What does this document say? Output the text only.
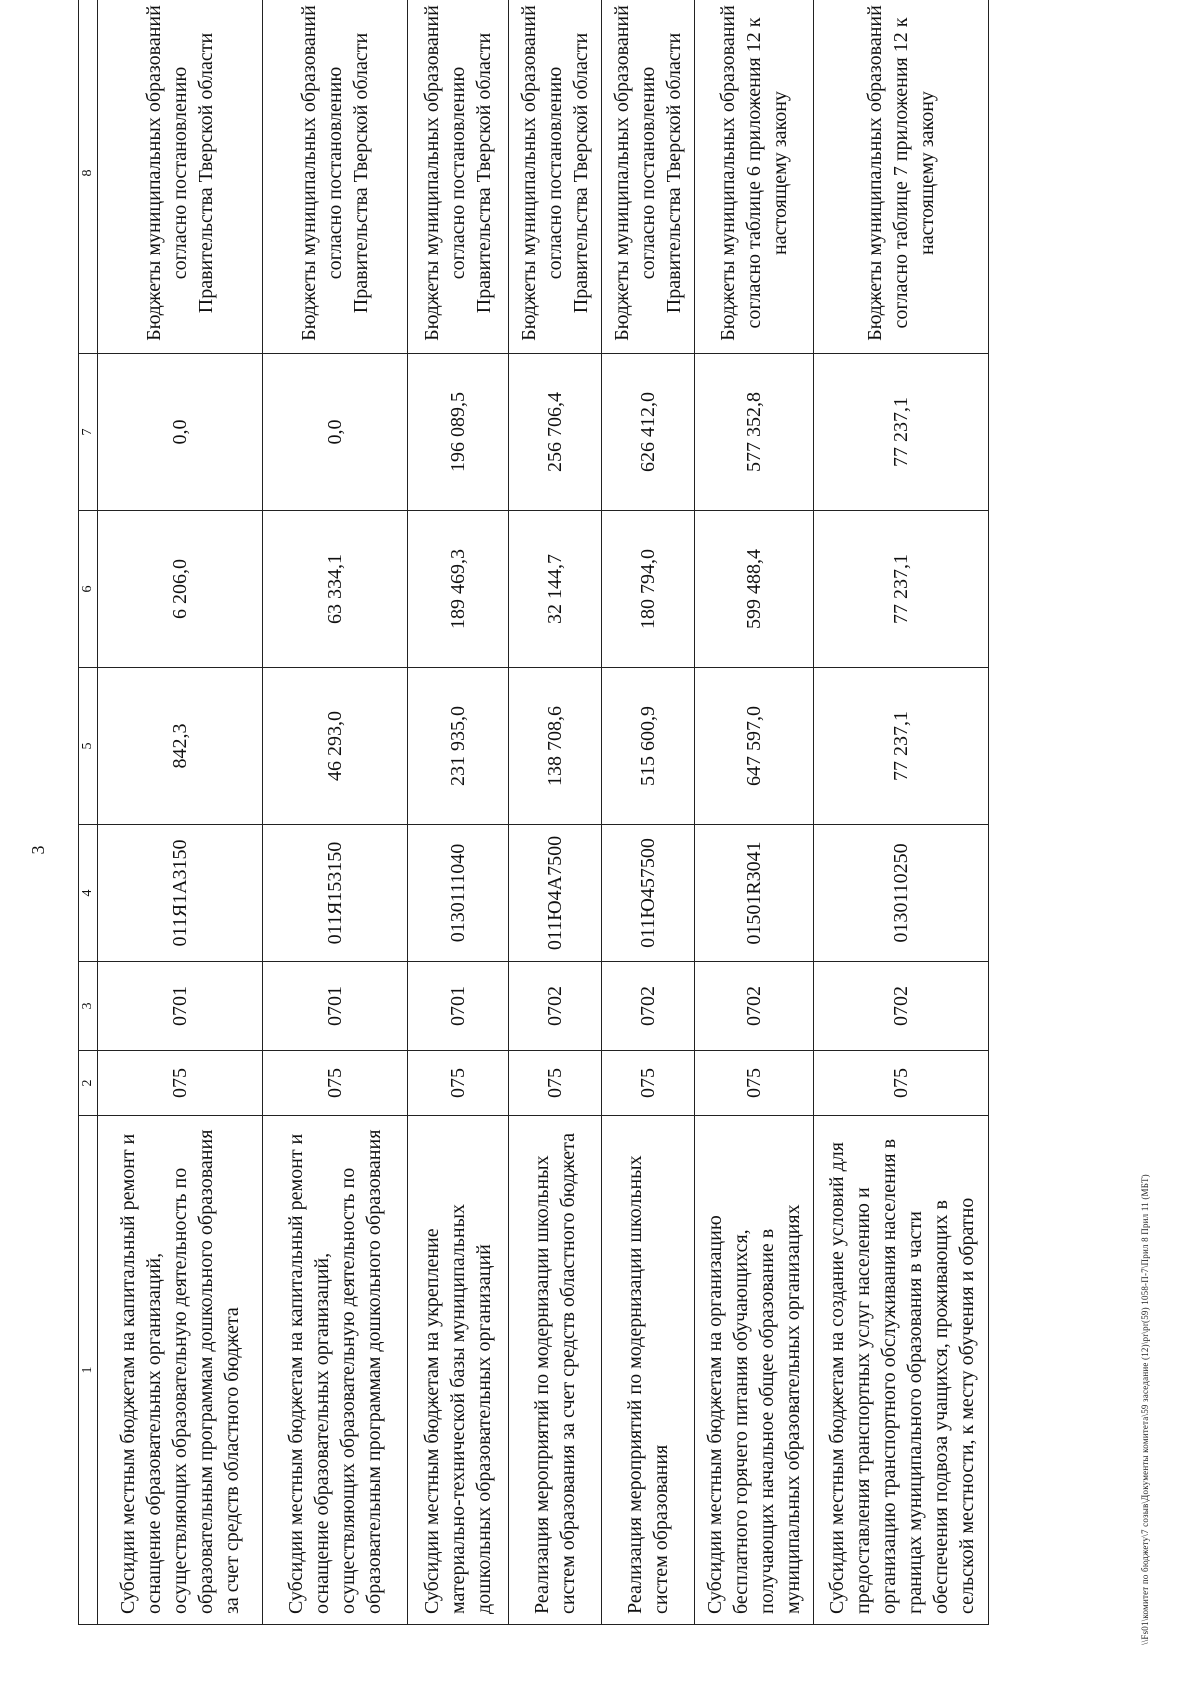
3
1	2	3	4	5	6	7	8
Субсидии местным бюджетам на капитальный ремонт и оснащение образовательных организаций, осуществляющих образовательную деятельность по образовательным программам дошкольного образования за счет средств областного бюджета	075	0701	011Я1А3150	842,3	6 206,0	0,0	Бюджеты муниципальных образований согласно постановлению Правительства Тверской области
Субсидии местным бюджетам на капитальный ремонт и оснащение образовательных организаций, осуществляющих образовательную деятельность по образовательным программам дошкольного образования	075	0701	011Я153150	46 293,0	63 334,1	0,0	Бюджеты муниципальных образований согласно постановлению Правительства Тверской области
Субсидии местным бюджетам на укрепление материально-технической базы муниципальных дошкольных образовательных организаций	075	0701	0130111040	231 935,0	189 469,3	196 089,5	Бюджеты муниципальных образований согласно постановлению Правительства Тверской области
Реализация мероприятий по модернизации школьных систем образования за счет средств областного бюджета	075	0702	011Ю4А7500	138 708,6	32 144,7	256 706,4	Бюджеты муниципальных образований согласно постановлению Правительства Тверской области
Реализация мероприятий по модернизации школьных систем образования	075	0702	011Ю457500	515 600,9	180 794,0	626 412,0	Бюджеты муниципальных образований согласно постановлению Правительства Тверской области
Субсидии местным бюджетам на организацию бесплатного горячего питания обучающихся, получающих начальное общее образование в муниципальных образовательных организациях	075	0702	01501R3041	647 597,0	599 488,4	577 352,8	Бюджеты муниципальных образований согласно таблице 6 приложения 12 к настоящему закону
Субсидии местным бюджетам на создание условий для предоставления транспортных услуг населению и организацию транспортного обслуживания населения в границах муниципального образования в части обеспечения подвоза учащихся, проживающих в сельской местности, к месту обучения и обратно	075	0702	0130110250	77 237,1	77 237,1	77 237,1	Бюджеты муниципальных образований согласно таблице 7 приложения 12 к настоящему закону
\\Fs01\комитет по бюджету\7 созыв\Документы комитета\59 заседание (12)\pr\pr(59) 1058-П-7\Прил 8 Прил 11 (МБТ)
